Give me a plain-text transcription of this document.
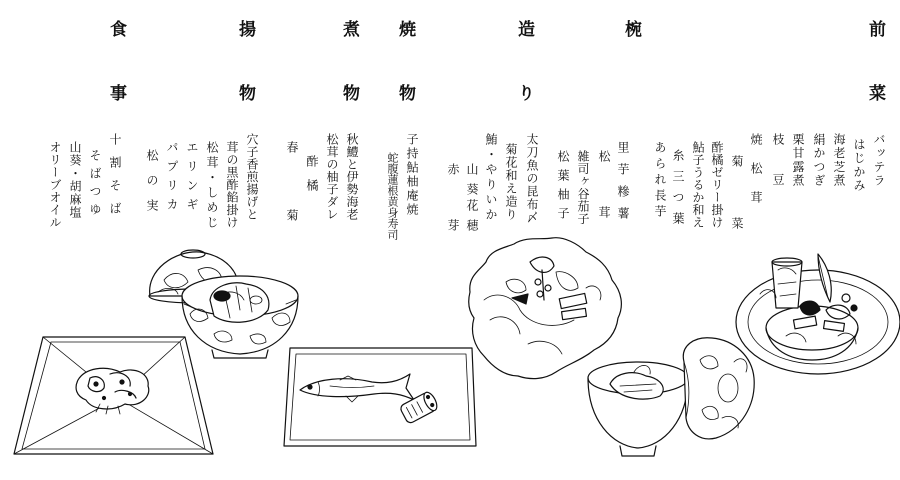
前菜
椀
造り
焼物
煮物
揚物
食事
バッテラ
はじかみ
海老芝煮
絹かつぎ
栗甘露煮
枝豆
焼松茸
菊菜
酢橘ゼリー掛け
鮎子うるか和え
糸三つ葉
あられ長芋
里芋糝薯
松茸
雑司ヶ谷茄子
松葉柚子
太刀魚の昆布〆
菊花和え造り
鮪・やりいか
山葵
花穂
赤芽
子持鮎柚庵焼
蛇腹蓮根黄身寿司
秋鱧と伊勢海老
松茸の柚子ダレ
酢橘
春菊
穴子香煎揚げと
茸の黒酢餡掛け
松茸・しめじ
エリンギ
パプリカ
松の実
十割そば
そばつゆ
山葵・胡麻塩
オリーブオイル
